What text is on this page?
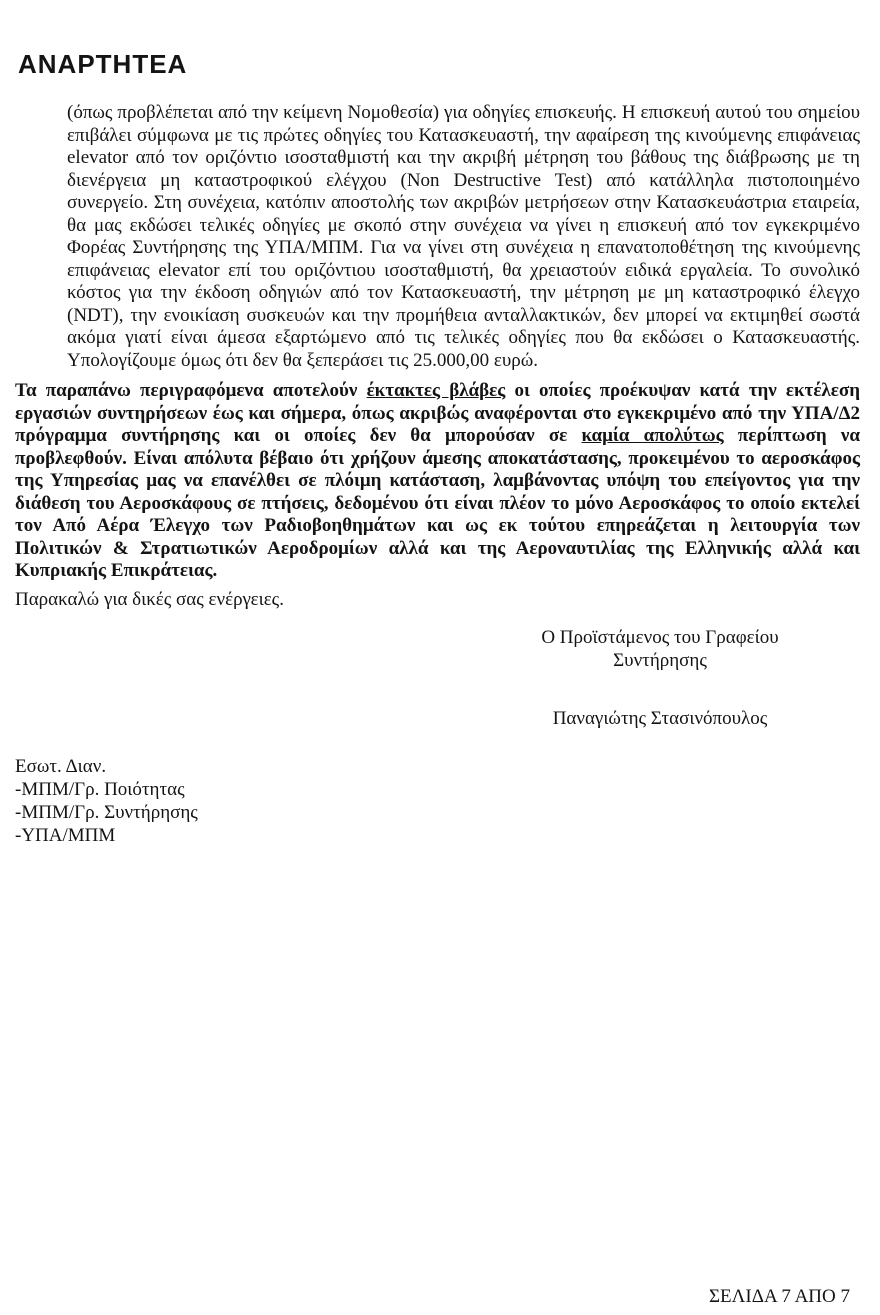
ΑΝΑΡΤΗΤΕΑ

(όπως προβλέπεται από την κείμενη Νομοθεσία) για οδηγίες επισκευής. Η επισκευή αυτού του σημείου επιβάλει σύμφωνα με τις πρώτες οδηγίες του Κατασκευαστή, την αφαίρεση της κινούμενης επιφάνειας elevator από τον οριζόντιο ισοσταθμιστή και την ακριβή μέτρηση του βάθους της διάβρωσης με τη διενέργεια μη καταστροφικού ελέγχου (Non Destructive Test) από κατάλληλα πιστοποιημένο συνεργείο. Στη συνέχεια, κατόπιν αποστολής των ακριβών μετρήσεων στην Κατασκευάστρια εταιρεία, θα μας εκδώσει τελικές οδηγίες με σκοπό στην συνέχεια να γίνει η επισκευή από τον εγκεκριμένο Φορέας Συντήρησης της ΥΠΑ/ΜΠΜ. Για να γίνει στη συνέχεια η επανατοποθέτηση της κινούμενης επιφάνειας elevator επί του οριζόντιου ισοσταθμιστή, θα χρειαστούν ειδικά εργαλεία. Το συνολικό κόστος για την έκδοση οδηγιών από τον Κατασκευαστή, την μέτρηση με μη καταστροφικό έλεγχο (NDT), την ενοικίαση συσκευών και την προμήθεια ανταλλακτικών, δεν μπορεί να εκτιμηθεί σωστά ακόμα γιατί είναι άμεσα εξαρτώμενο από τις τελικές οδηγίες που θα εκδώσει ο Κατασκευαστής. Υπολογίζουμε όμως ότι δεν θα ξεπεράσει τις 25.000,00 ευρώ.

Τα παραπάνω περιγραφόμενα αποτελούν έκτακτες βλάβες οι οποίες προέκυψαν κατά την εκτέλεση εργασιών συντηρήσεων έως και σήμερα, όπως ακριβώς αναφέρονται στο εγκεκριμένο από την ΥΠΑ/Δ2 πρόγραμμα συντήρησης και οι οποίες δεν θα μπορούσαν σε καμία απολύτως περίπτωση να προβλεφθούν. Είναι απόλυτα βέβαιο ότι χρήζουν άμεσης αποκατάστασης, προκειμένου το αεροσκάφος της Υπηρεσίας μας να επανέλθει σε πλόιμη κατάσταση, λαμβάνοντας υπόψη του επείγοντος για την διάθεση του Αεροσκάφους σε πτήσεις, δεδομένου ότι είναι πλέον το μόνο Αεροσκάφος το οποίο εκτελεί τον Από Αέρα Έλεγχο των Ραδιοβοηθημάτων και ως εκ τούτου επηρεάζεται η λειτουργία των Πολιτικών & Στρατιωτικών Αεροδρομίων αλλά και της Αεροναυτιλίας της Ελληνικής αλλά και Κυπριακής Επικράτειας.

Παρακαλώ για δικές σας ενέργειες.

Ο Προϊστάμενος του Γραφείου
Συντήρησης
Παναγιώτης Στασινόπουλος
Εσωτ. Διαν.
-ΜΠΜ/Γρ. Ποιότητας
-ΜΠΜ/Γρ. Συντήρησης
-ΥΠΑ/ΜΠΜ
ΣΕΛΙΔΑ 7 ΑΠΟ 7
